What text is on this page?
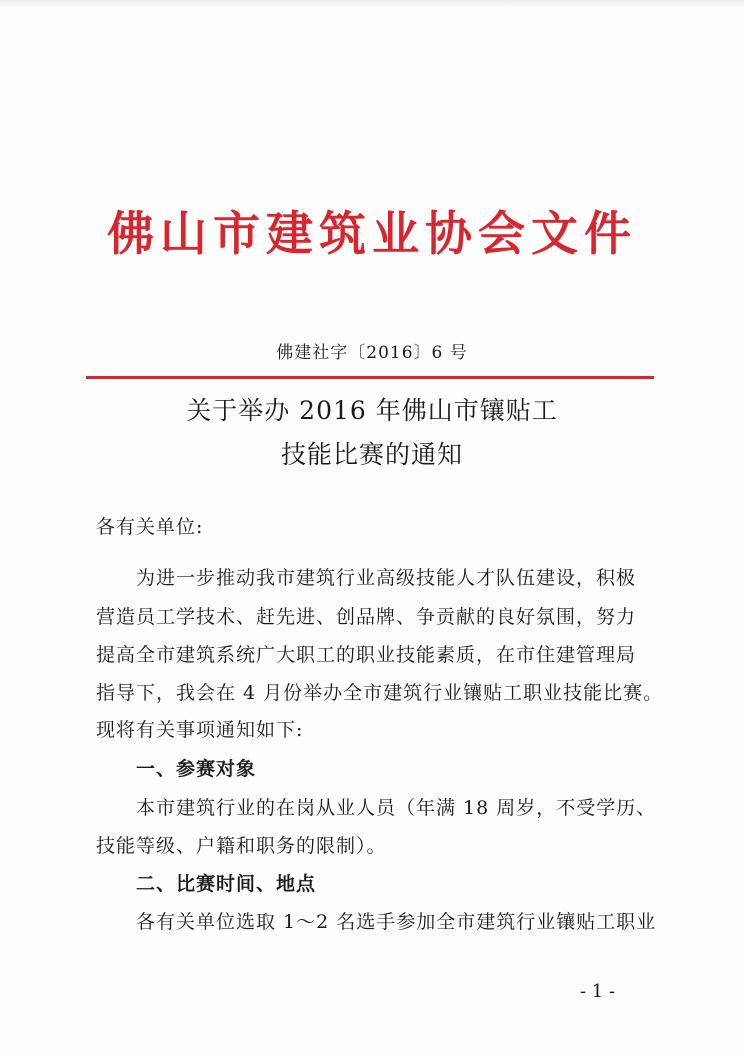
佛山市建筑业协会文件
佛建社字〔2016〕6 号
关于举办 2016 年佛山市镶贴工
技能比赛的通知
各有关单位:
为进一步推动我市建筑行业高级技能人才队伍建设，积极
营造员工学技术、赶先进、创品牌、争贡献的良好氛围，努力
提高全市建筑系统广大职工的职业技能素质，在市住建管理局
指导下，我会在 4 月份举办全市建筑行业镶贴工职业技能比赛。
现将有关事项通知如下:
一、参赛对象
本市建筑行业的在岗从业人员（年满 18 周岁，不受学历、
技能等级、户籍和职务的限制）。
二、比赛时间、地点
各有关单位选取 1～2 名选手参加全市建筑行业镶贴工职业
- 1 -
